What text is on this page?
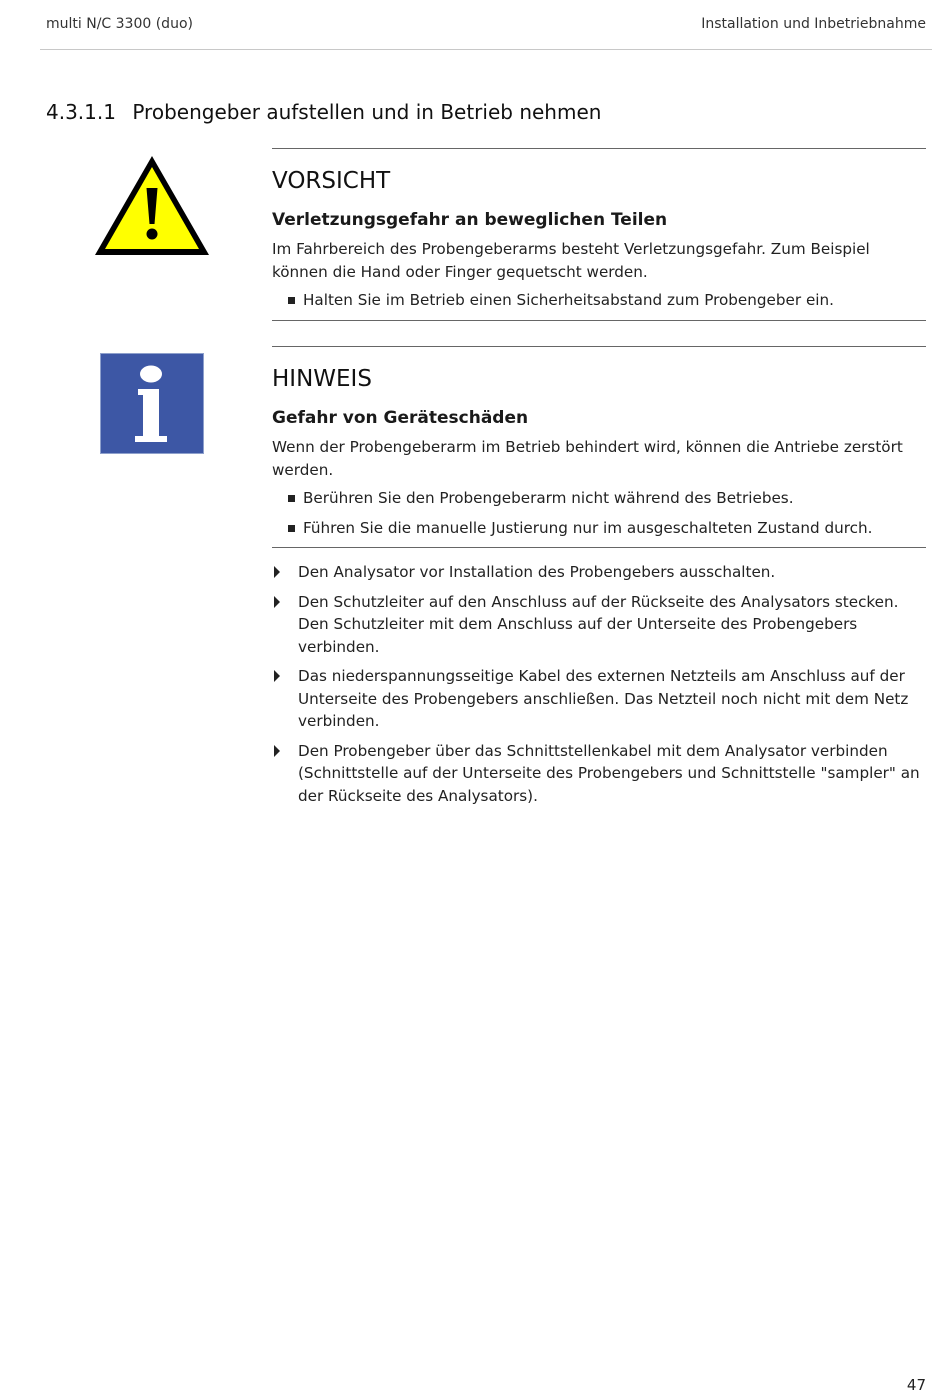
multi N/C 3300 (duo)	Installation und Inbetriebnahme
4.3.1.1 Probengeber aufstellen und in Betrieb nehmen
VORSICHT
Verletzungsgefahr an beweglichen Teilen
Im Fahrbereich des Probengeberarms besteht Verletzungsgefahr. Zum Beispiel können die Hand oder Finger gequetscht werden.
Halten Sie im Betrieb einen Sicherheitsabstand zum Probengeber ein.
HINWEIS
Gefahr von Geräteschäden
Wenn der Probengeberarm im Betrieb behindert wird, können die Antriebe zerstört werden.
Berühren Sie den Probengeberarm nicht während des Betriebes.
Führen Sie die manuelle Justierung nur im ausgeschalteten Zustand durch.
Den Analysator vor Installation des Probengebers ausschalten.
Den Schutzleiter auf den Anschluss auf der Rückseite des Analysators stecken. Den Schutzleiter mit dem Anschluss auf der Unterseite des Probengebers verbinden.
Das niederspannungsseitige Kabel des externen Netzteils am Anschluss auf der Unterseite des Probengebers anschließen. Das Netzteil noch nicht mit dem Netz verbinden.
Den Probengeber über das Schnittstellenkabel mit dem Analysator verbinden (Schnittstelle auf der Unterseite des Probengebers und Schnittstelle "sampler" an der Rückseite des Analysators).
47
